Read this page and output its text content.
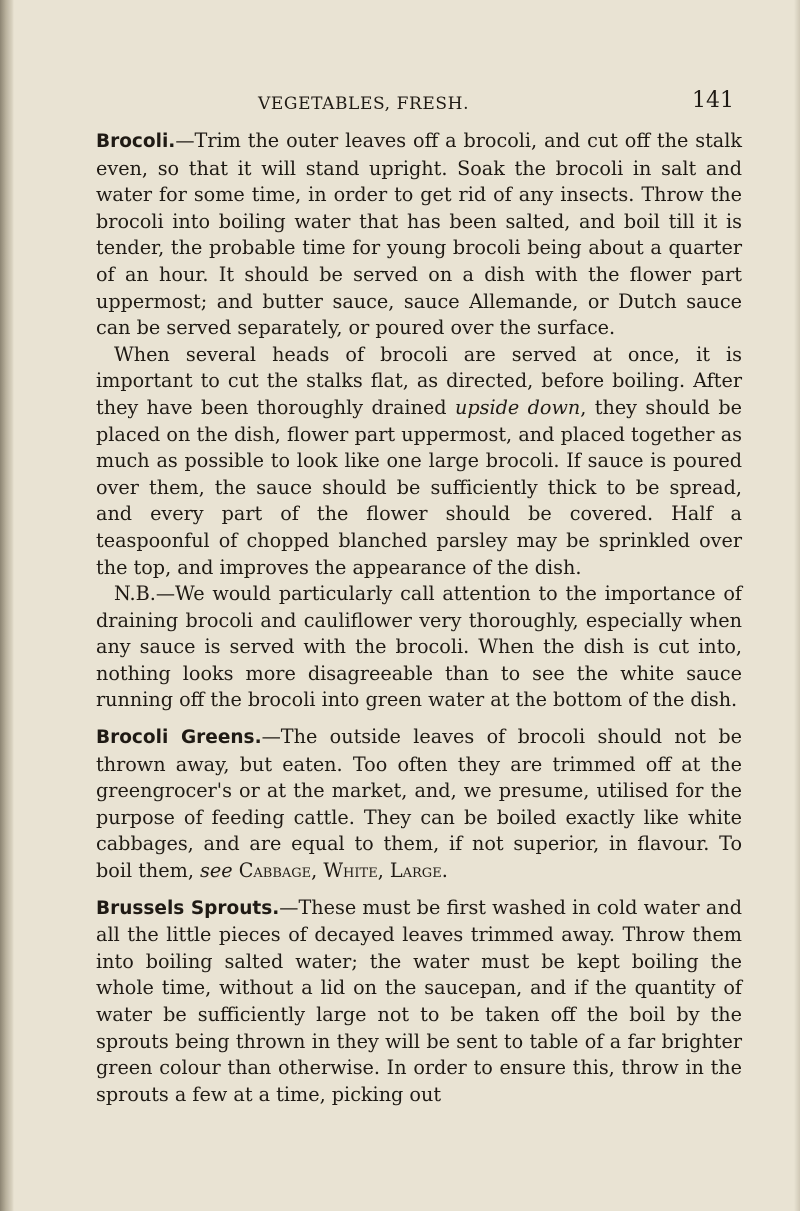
VEGETABLES, FRESH.	141

Brocoli.—Trim the outer leaves off a brocoli, and cut off the stalk even, so that it will stand upright. Soak the brocoli in salt and water for some time, in order to get rid of any insects. Throw the brocoli into boiling water that has been salted, and boil till it is tender, the probable time for young brocoli being about a quarter of an hour. It should be served on a dish with the flower part uppermost; and butter sauce, sauce Allemande, or Dutch sauce can be served separately, or poured over the surface.

When several heads of brocoli are served at once, it is important to cut the stalks flat, as directed, before boiling. After they have been thoroughly drained upside down, they should be placed on the dish, flower part uppermost, and placed together as much as possible to look like one large brocoli. If sauce is poured over them, the sauce should be sufficiently thick to be spread, and every part of the flower should be covered. Half a teaspoonful of chopped blanched parsley may be sprinkled over the top, and improves the appearance of the dish.

N.B.—We would particularly call attention to the importance of draining brocoli and cauliflower very thoroughly, especially when any sauce is served with the brocoli. When the dish is cut into, nothing looks more disagreeable than to see the white sauce running off the brocoli into green water at the bottom of the dish.

Brocoli Greens.—The outside leaves of brocoli should not be thrown away, but eaten. Too often they are trimmed off at the greengrocer's or at the market, and, we presume, utilised for the purpose of feeding cattle. They can be boiled exactly like white cabbages, and are equal to them, if not superior, in flavour. To boil them, see Cabbage, White, Large.

Brussels Sprouts.—These must be first washed in cold water and all the little pieces of decayed leaves trimmed away. Throw them into boiling salted water; the water must be kept boiling the whole time, without a lid on the saucepan, and if the quantity of water be sufficiently large not to be taken off the boil by the sprouts being thrown in they will be sent to table of a far brighter green colour than otherwise. In order to ensure this, throw in the sprouts a few at a time, picking out
